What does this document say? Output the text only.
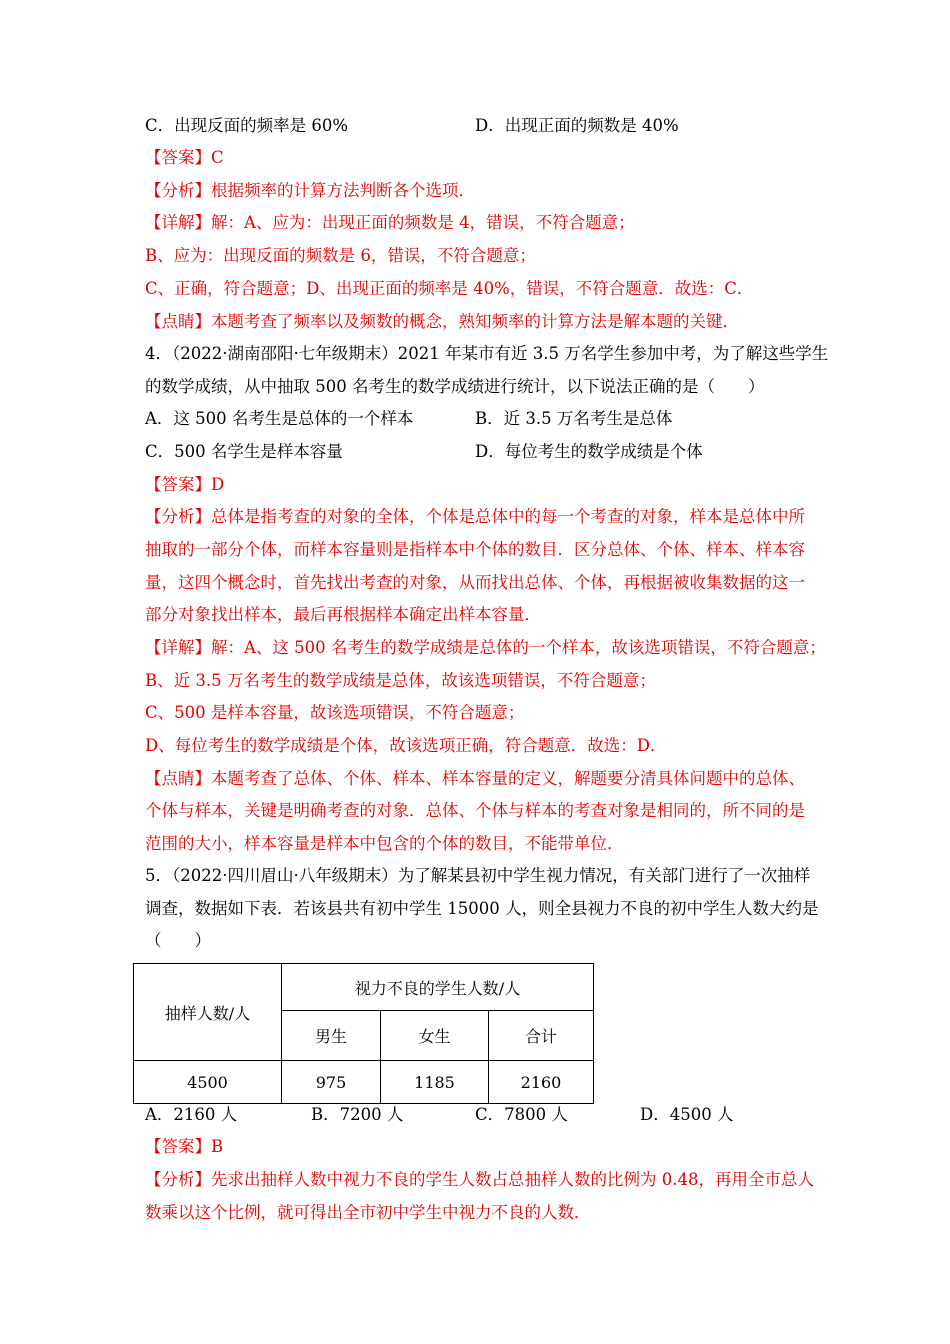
C．出现反面的频率是 60%	D．出现正面的频数是 40%
【答案】C
【分析】根据频率的计算方法判断各个选项．
【详解】解：A、应为：出现正面的频数是 4，错误，不符合题意；
B、应为：出现反面的频数是 6，错误，不符合题意；
C、正确，符合题意；D、出现正面的频率是 40%，错误，不符合题意．故选：C．
【点睛】本题考查了频率以及频数的概念，熟知频率的计算方法是解本题的关键．
4．（2022·湖南邵阳·七年级期末）2021 年某市有近 3.5 万名学生参加中考，为了解这些学生
的数学成绩，从中抽取 500 名考生的数学成绩进行统计，以下说法正确的是（　　）
A．这 500 名考生是总体的一个样本	B．近 3.5 万名考生是总体
C．500 名学生是样本容量	D．每位考生的数学成绩是个体
【答案】D
【分析】总体是指考查的对象的全体，个体是总体中的每一个考查的对象，样本是总体中所
抽取的一部分个体，而样本容量则是指样本中个体的数目．区分总体、个体、样本、样本容
量，这四个概念时，首先找出考查的对象，从而找出总体、个体，再根据被收集数据的这一
部分对象找出样本，最后再根据样本确定出样本容量．
【详解】解：A、这 500 名考生的数学成绩是总体的一个样本，故该选项错误，不符合题意；
B、近 3.5 万名考生的数学成绩是总体，故该选项错误，不符合题意；
C、500 是样本容量，故该选项错误，不符合题意；
D、每位考生的数学成绩是个体，故该选项正确，符合题意．故选：D．
【点睛】本题考查了总体、个体、样本、样本容量的定义，解题要分清具体问题中的总体、
个体与样本，关键是明确考查的对象．总体、个体与样本的考查对象是相同的，所不同的是
范围的大小，样本容量是样本中包含的个体的数目，不能带单位．
5．（2022·四川眉山·八年级期末）为了解某县初中学生视力情况，有关部门进行了一次抽样
调查，数据如下表．若该县共有初中学生 15000 人，则全县视力不良的初中学生人数大约是
（　　）
抽样人数/人	视力不良的学生人数/人		
	男生	女生	合计
4500	975	1185	2160
A．2160 人	B．7200 人	C．7800 人	D．4500 人
【答案】B
【分析】先求出抽样人数中视力不良的学生人数占总抽样人数的比例为 0.48，再用全市总人
数乘以这个比例，就可得出全市初中学生中视力不良的人数．
